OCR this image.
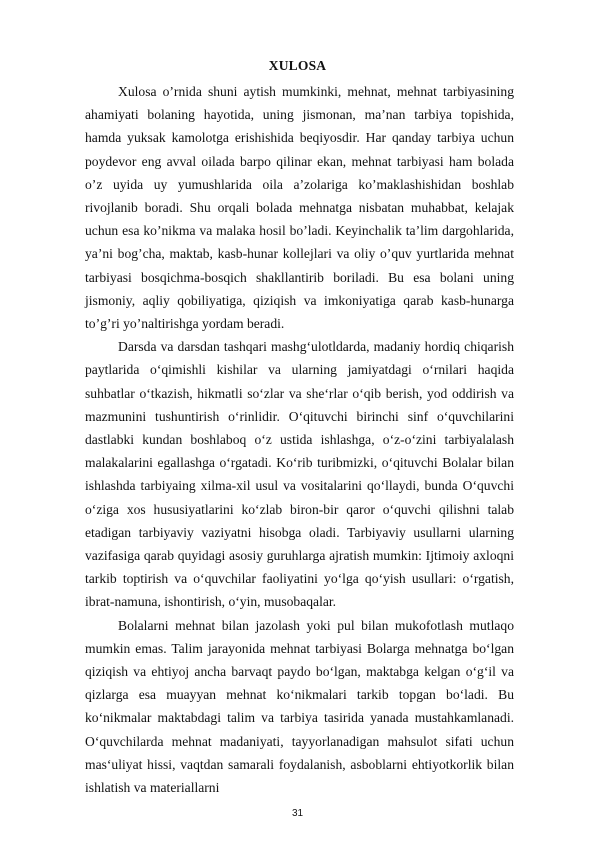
XULOSA

Xulosa o’rnida shuni aytish mumkinki, mehnat, mehnat tarbiyasining ahamiyati bolaning hayotida, uning jismonan, ma’nan tarbiya topishida, hamda yuksak kamolotga erishishida beqiyosdir. Har qanday tarbiya uchun poydevor eng avval oilada barpo qilinar ekan, mehnat tarbiyasi ham bolada o’z uyida uy yumushlarida oila a’zolariga ko’maklashishidan boshlab rivojlanib boradi. Shu orqali bolada mehnatga nisbatan muhabbat, kelajak uchun esa ko’nikma va malaka hosil bo’ladi. Keyinchalik ta’lim dargohlarida, ya’ni bog’cha, maktab, kasb-hunar kollejlari va oliy o’quv yurtlarida mehnat tarbiyasi bosqichma-bosqich shakllantirib boriladi. Bu esa bolani uning jismoniy, aqliy qobiliyatiga, qiziqish va imkoniyatiga qarab kasb-hunarga to’g’ri yo’naltirishga yordam beradi.

Darsda va darsdan tashqari mashg‘ulotldarda, madaniy hordiq chiqarish paytlarida o‘qimishli kishilar va ularning jamiyatdagi o‘rnilari haqida suhbatlar o‘tkazish, hikmatli so‘zlar va she‘rlar o‘qib berish, yod oddirish va mazmunini tushuntirish o‘rinlidir. O‘qituvchi birinchi sinf o‘quvchilarini dastlabki kundan boshlaboq o‘z ustida ishlashga, o‘z-o‘zini tarbiyalalash malakalarini egallashga o‘rgatadi. Ko‘rib turibmizki, o‘qituvchi Bolalar bilan ishlashda tarbiyaing xilma-xil usul va vositalarini qo‘llaydi, bunda O‘quvchi o‘ziga xos hususiyatlarini ko‘zlab biron-bir qaror o‘quvchi qilishni talab etadigan tarbiyaviy vaziyatni hisobga oladi. Tarbiyaviy usullarni ularning vazifasiga qarab quyidagi asosiy guruhlarga ajratish mumkin: Ijtimoiy axloqni tarkib toptirish va o‘quvchilar faoliyatini yo‘lga qo‘yish usullari: o‘rgatish, ibrat-namuna, ishontirish, o‘yin, musobaqalar.

Bolalarni mehnat bilan jazolash yoki pul bilan mukofotlash mutlaqo mumkin emas. Talim jarayonida mehnat tarbiyasi Bolarga mehnatga bo‘lgan qiziqish va ehtiyoj ancha barvaqt paydo bo‘lgan, maktabga kelgan o‘g‘il va qizlarga esa muayyan mehnat ko‘nikmalari tarkib topgan bo‘ladi. Bu ko‘nikmalar maktabdagi talim va tarbiya tasirida yanada mustahkamlanadi. O‘quvchilarda mehnat madaniyati, tayyorlanadigan mahsulot sifati uchun mas‘uliyat hissi, vaqtdan samarali foydalanish, asboblarni ehtiyotkorlik bilan ishlatish va materiallarni

31
